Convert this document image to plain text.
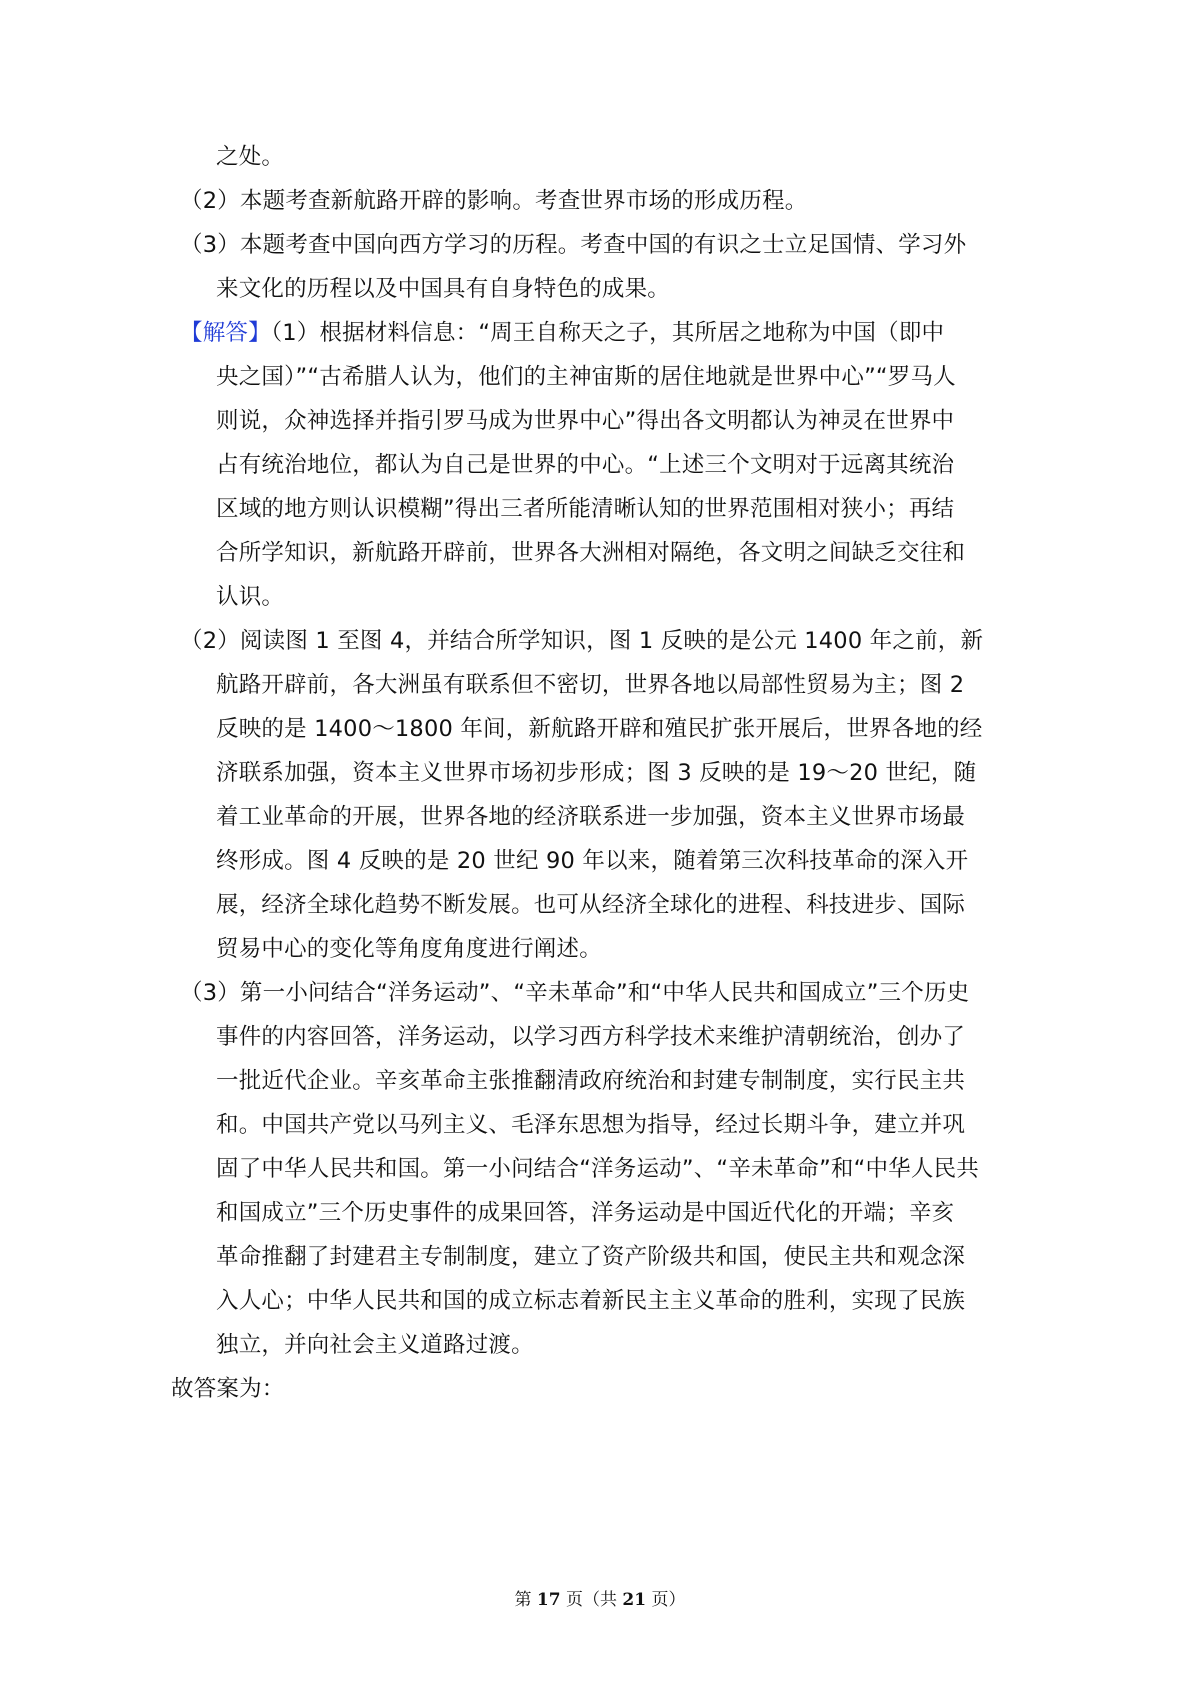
之处。
（2）本题考查新航路开辟的影响。考查世界市场的形成历程。
（3）本题考查中国向西方学习的历程。考查中国的有识之士立足国情、学习外
来文化的历程以及中国具有自身特色的成果。
【解答】（1）根据材料信息：“周王自称天之子，其所居之地称为中国（即中
央之国）”“古希腊人认为，他们的主神宙斯的居住地就是世界中心”“罗马人
则说，众神选择并指引罗马成为世界中心”得出各文明都认为神灵在世界中
占有统治地位，都认为自己是世界的中心。“上述三个文明对于远离其统治
区域的地方则认识模糊”得出三者所能清晰认知的世界范围相对狭小；再结
合所学知识，新航路开辟前，世界各大洲相对隔绝，各文明之间缺乏交往和
认识。
（2）阅读图 1 至图 4，并结合所学知识，图 1 反映的是公元 1400 年之前，新
航路开辟前，各大洲虽有联系但不密切，世界各地以局部性贸易为主；图 2
反映的是 1400～1800 年间，新航路开辟和殖民扩张开展后，世界各地的经
济联系加强，资本主义世界市场初步形成；图 3 反映的是 19～20 世纪，随
着工业革命的开展，世界各地的经济联系进一步加强，资本主义世界市场最
终形成。图 4 反映的是 20 世纪 90 年以来，随着第三次科技革命的深入开
展，经济全球化趋势不断发展。也可从经济全球化的进程、科技进步、国际
贸易中心的变化等角度角度进行阐述。
（3）第一小问结合“洋务运动”、“辛未革命”和“中华人民共和国成立”三个历史
事件的内容回答，洋务运动，以学习西方科学技术来维护清朝统治，创办了
一批近代企业。辛亥革命主张推翻清政府统治和封建专制制度，实行民主共
和。中国共产党以马列主义、毛泽东思想为指导，经过长期斗争，建立并巩
固了中华人民共和国。第一小问结合“洋务运动”、“辛未革命”和“中华人民共
和国成立”三个历史事件的成果回答，洋务运动是中国近代化的开端；辛亥
革命推翻了封建君主专制制度，建立了资产阶级共和国，使民主共和观念深
入人心；中华人民共和国的成立标志着新民主主义革命的胜利，实现了民族
独立，并向社会主义道路过渡。
故答案为：
第 17 页（共 21 页）
